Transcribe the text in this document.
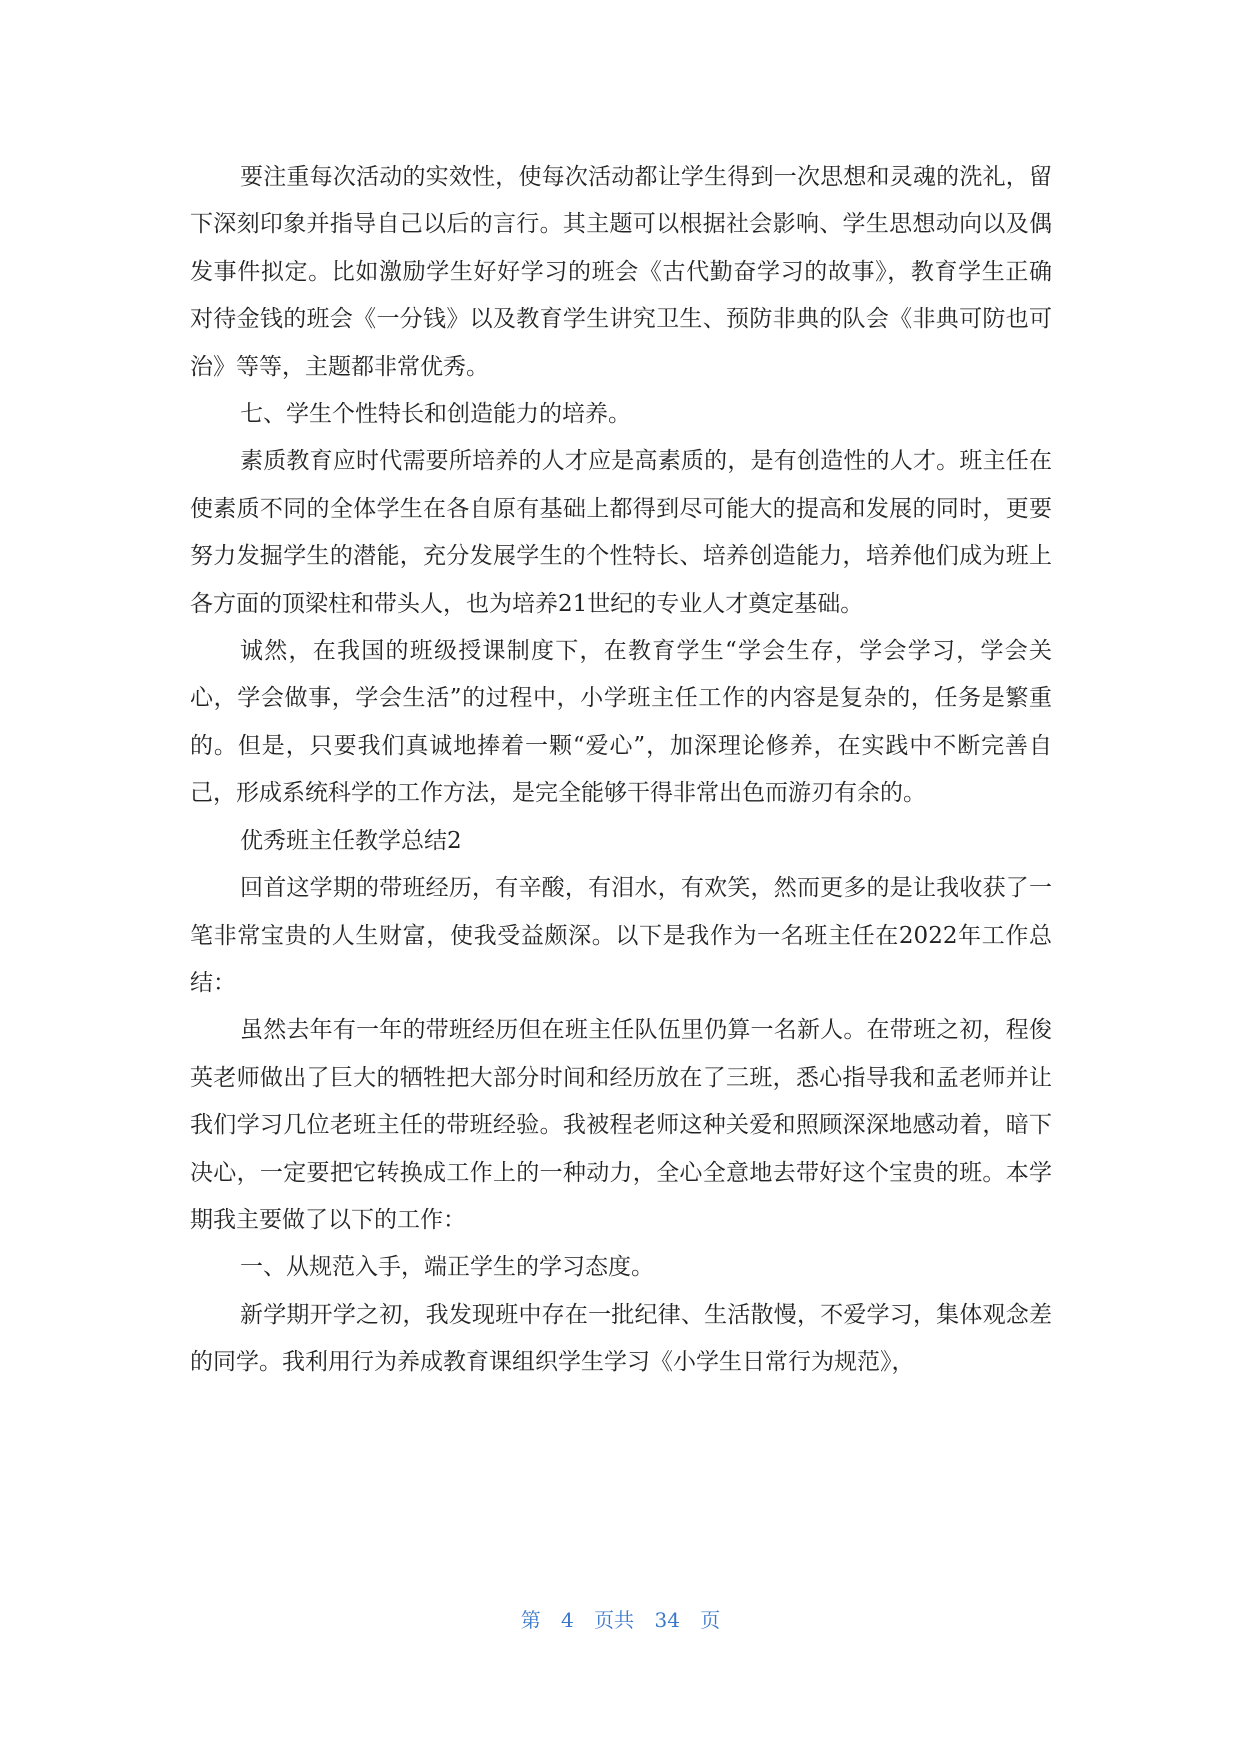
要注重每次活动的实效性，使每次活动都让学生得到一次思想和灵魂的洗礼，留下深刻印象并指导自己以后的言行。其主题可以根据社会影响、学生思想动向以及偶发事件拟定。比如激励学生好好学习的班会《古代勤奋学习的故事》，教育学生正确对待金钱的班会《一分钱》以及教育学生讲究卫生、预防非典的队会《非典可防也可治》等等，主题都非常优秀。

七、学生个性特长和创造能力的培养。

素质教育应时代需要所培养的人才应是高素质的，是有创造性的人才。班主任在使素质不同的全体学生在各自原有基础上都得到尽可能大的提高和发展的同时，更要努力发掘学生的潜能，充分发展学生的个性特长、培养创造能力，培养他们成为班上各方面的顶梁柱和带头人，也为培养21世纪的专业人才奠定基础。

诚然，在我国的班级授课制度下，在教育学生“学会生存，学会学习，学会关心，学会做事，学会生活”的过程中，小学班主任工作的内容是复杂的，任务是繁重的。但是，只要我们真诚地捧着一颗“爱心”，加深理论修养，在实践中不断完善自己，形成系统科学的工作方法，是完全能够干得非常出色而游刃有余的。

优秀班主任教学总结2

回首这学期的带班经历，有辛酸，有泪水，有欢笑，然而更多的是让我收获了一笔非常宝贵的人生财富，使我受益颇深。以下是我作为一名班主任在2022年工作总结：

虽然去年有一年的带班经历但在班主任队伍里仍算一名新人。在带班之初，程俊英老师做出了巨大的牺牲把大部分时间和经历放在了三班，悉心指导我和孟老师并让我们学习几位老班主任的带班经验。我被程老师这种关爱和照顾深深地感动着，暗下决心，一定要把它转换成工作上的一种动力，全心全意地去带好这个宝贵的班。本学期我主要做了以下的工作：

一、从规范入手，端正学生的学习态度。

新学期开学之初，我发现班中存在一批纪律、生活散慢，不爱学习，集体观念差的同学。我利用行为养成教育课组织学生学习《小学生日常行为规范》，

第 4 页共 34 页
